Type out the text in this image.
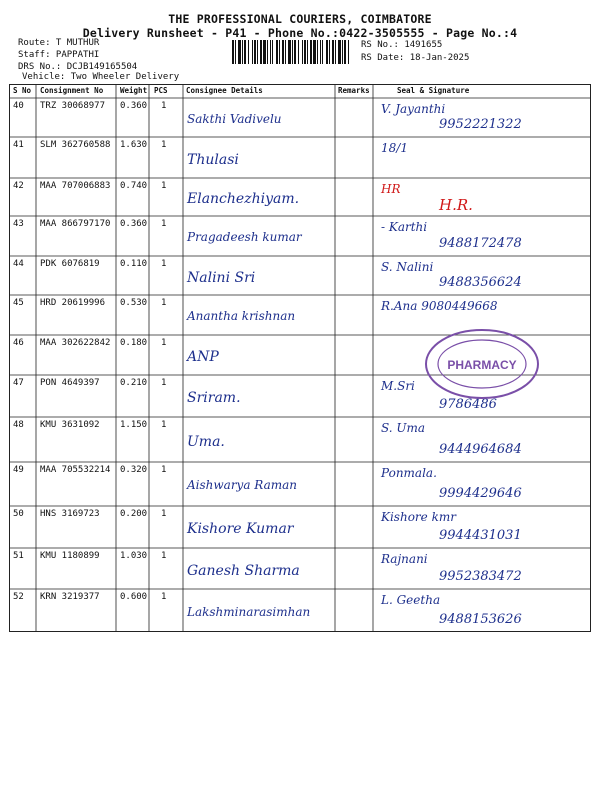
THE PROFESSIONAL COURIERS, COIMBATORE
Delivery Runsheet - P41 - Phone No.:0422-3505555 - Page No.:4
Route: T MUTHUR
Staff: PAPPATHI
DRS No.: DCJB149165504
Vehicle: Two Wheeler Delivery
RS No.: 1491655
RS Date: 18-Jan-2025
S No Consignment No Weight PCS Consignee Details	Remarks	Seal & Signature
40 TRZ 30068977 0.360 1
Sakthi Vadivelu
V. Jayanthi
9952221322
41 SLM 362760588 1.630 1
Thulasi
18/1
42 MAA 707006883 0.740 1
Elanchezhiyam.
HR
H.R.
43 MAA 866797170 0.360 1
Pragadeesh kumar
- Karthi
9488172478
44 PDK 6076819 0.110 1
Nalini Sri
S. Nalini
9488356624
45 HRD 20619996 0.530 1
Anantha krishnan
R.Ana 9080449668
46 MAA 302622842 0.180 1
ANP
47 PON 4649397 0.210 1
Sriram.
M.Sri
9786486
48 KMU 3631092 1.150 1
Uma.
S. Uma
9444964684
49 MAA 705532214 0.320 1
Aishwarya Raman
Ponmala.
9994429646
50 HNS 3169723 0.200 1
Kishore Kumar
Kishore kmr
9944431031
51 KMU 1180899 1.030 1
Ganesh Sharma
Rajnani
9952383472
52 KRN 3219377 0.600 1
Lakshminarasimhan
L. Geetha
9488153626
PHARMACY
